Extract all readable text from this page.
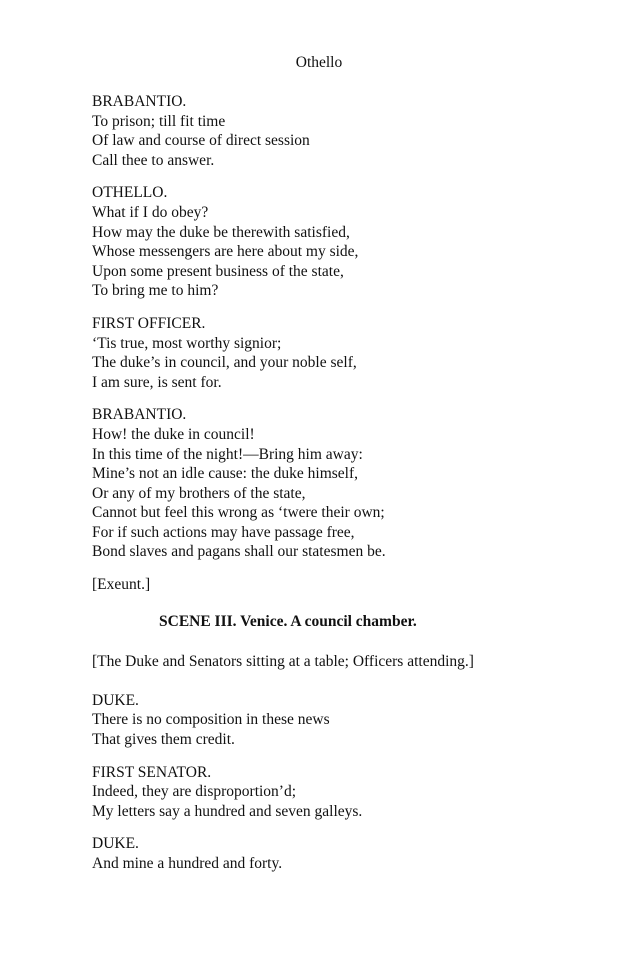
Othello
BRABANTIO.
To prison; till fit time
Of law and course of direct session
Call thee to answer.
OTHELLO.
What if I do obey?
How may the duke be therewith satisfied,
Whose messengers are here about my side,
Upon some present business of the state,
To bring me to him?
FIRST OFFICER.
‘Tis true, most worthy signior;
The duke’s in council, and your noble self,
I am sure, is sent for.
BRABANTIO.
How! the duke in council!
In this time of the night!—Bring him away:
Mine’s not an idle cause: the duke himself,
Or any of my brothers of the state,
Cannot but feel this wrong as ‘twere their own;
For if such actions may have passage free,
Bond slaves and pagans shall our statesmen be.
[Exeunt.]
SCENE III. Venice. A council chamber.
[The Duke and Senators sitting at a table; Officers attending.]
DUKE.
There is no composition in these news
That gives them credit.
FIRST SENATOR.
Indeed, they are disproportion’d;
My letters say a hundred and seven galleys.
DUKE.
And mine a hundred and forty.
